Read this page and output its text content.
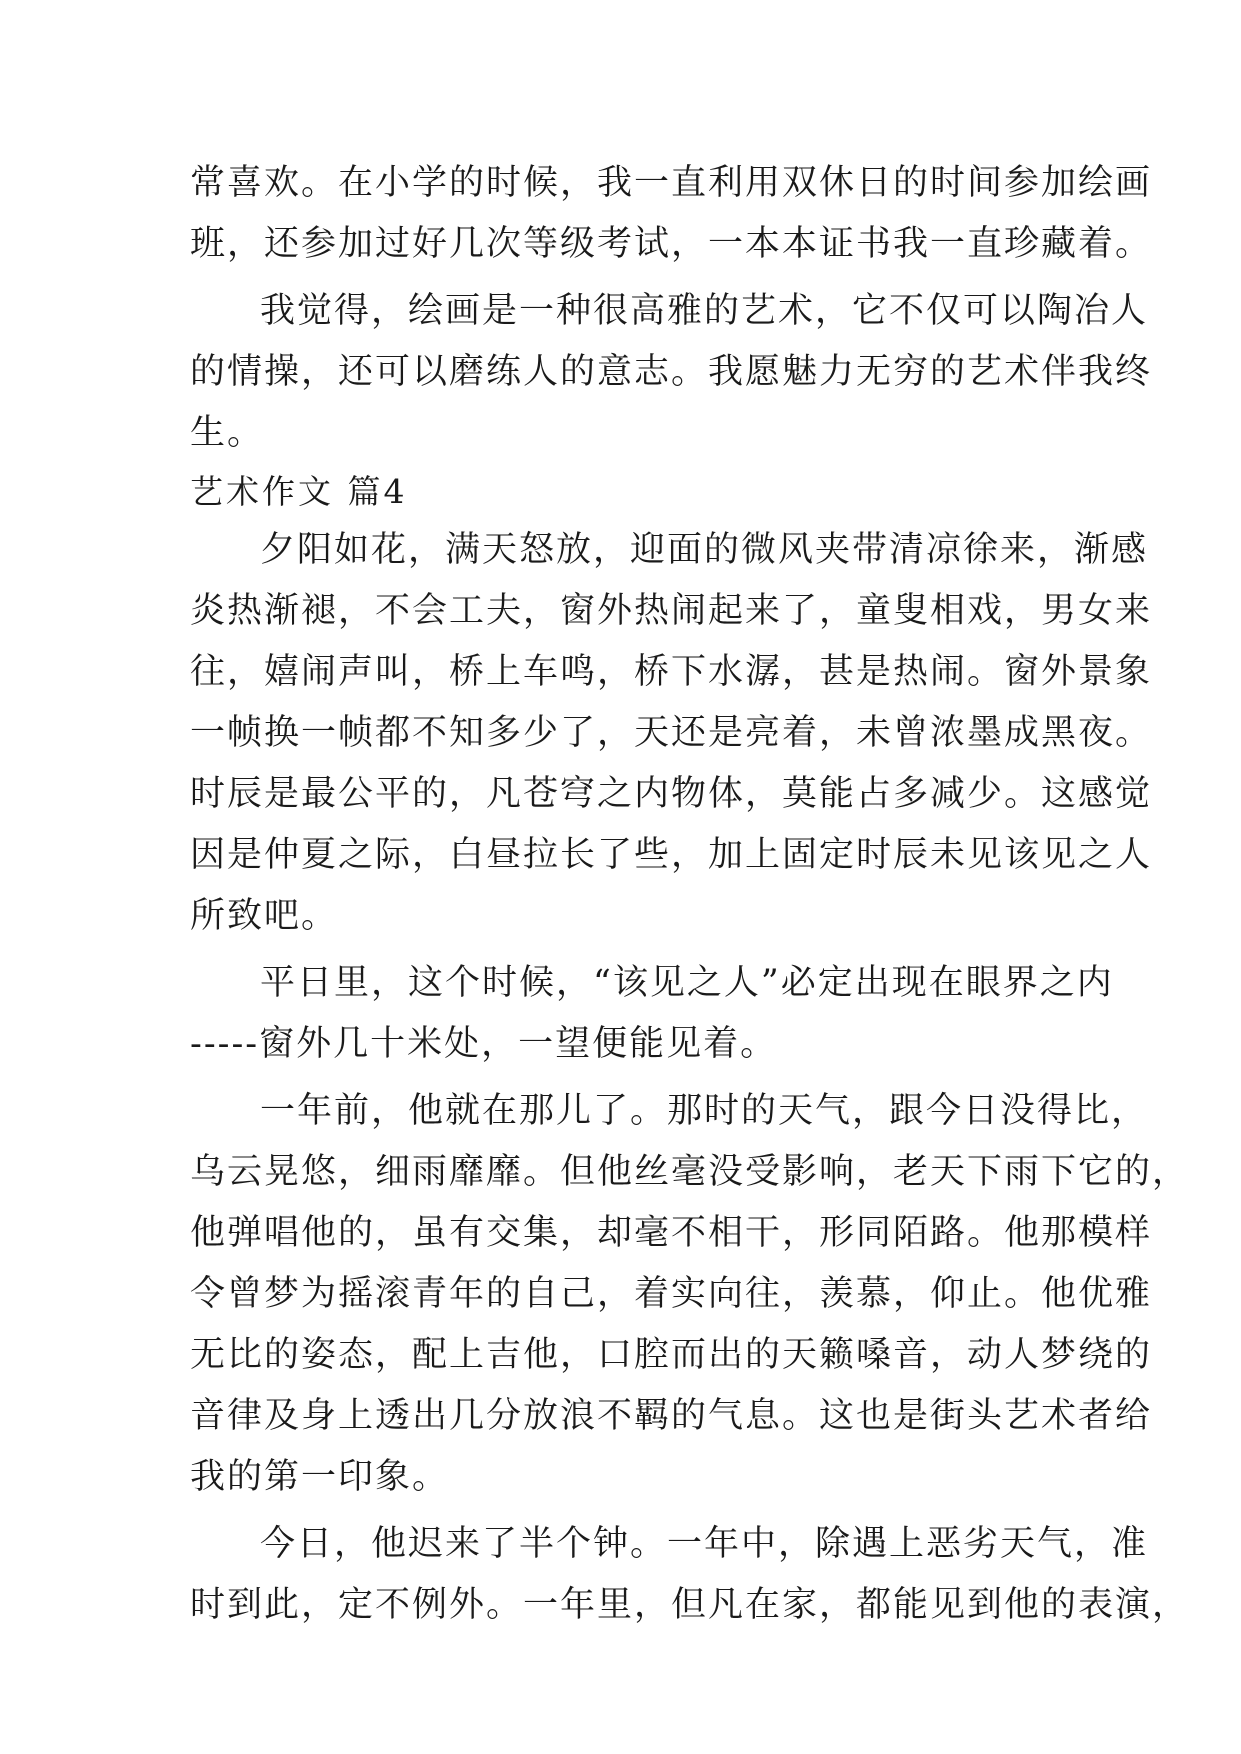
常喜欢。在小学的时候，我一直利用双休日的时间参加绘画
班，还参加过好几次等级考试，一本本证书我一直珍藏着。
我觉得，绘画是一种很高雅的艺术，它不仅可以陶冶人
的情操，还可以磨练人的意志。我愿魅力无穷的艺术伴我终
生。
艺术作文 篇4
夕阳如花，满天怒放，迎面的微风夹带清凉徐来，渐感
炎热渐褪，不会工夫，窗外热闹起来了，童叟相戏，男女来
往，嬉闹声叫，桥上车鸣，桥下水潺，甚是热闹。窗外景象
一帧换一帧都不知多少了，天还是亮着，未曾浓墨成黑夜。
时辰是最公平的，凡苍穹之内物体，莫能占多减少。这感觉
因是仲夏之际，白昼拉长了些，加上固定时辰未见该见之人
所致吧。
平日里，这个时候，“该见之人”必定出现在眼界之内
-----窗外几十米处，一望便能见着。
一年前，他就在那儿了。那时的天气，跟今日没得比，
乌云晃悠，细雨靡靡。但他丝毫没受影响，老天下雨下它的，
他弹唱他的，虽有交集，却毫不相干，形同陌路。他那模样
令曾梦为摇滚青年的自己，着实向往，羡慕，仰止。他优雅
无比的姿态，配上吉他，口腔而出的天籁嗓音，动人梦绕的
音律及身上透出几分放浪不羁的气息。这也是街头艺术者给
我的第一印象。
今日，他迟来了半个钟。一年中，除遇上恶劣天气，准
时到此，定不例外。一年里，但凡在家，都能见到他的表演，
